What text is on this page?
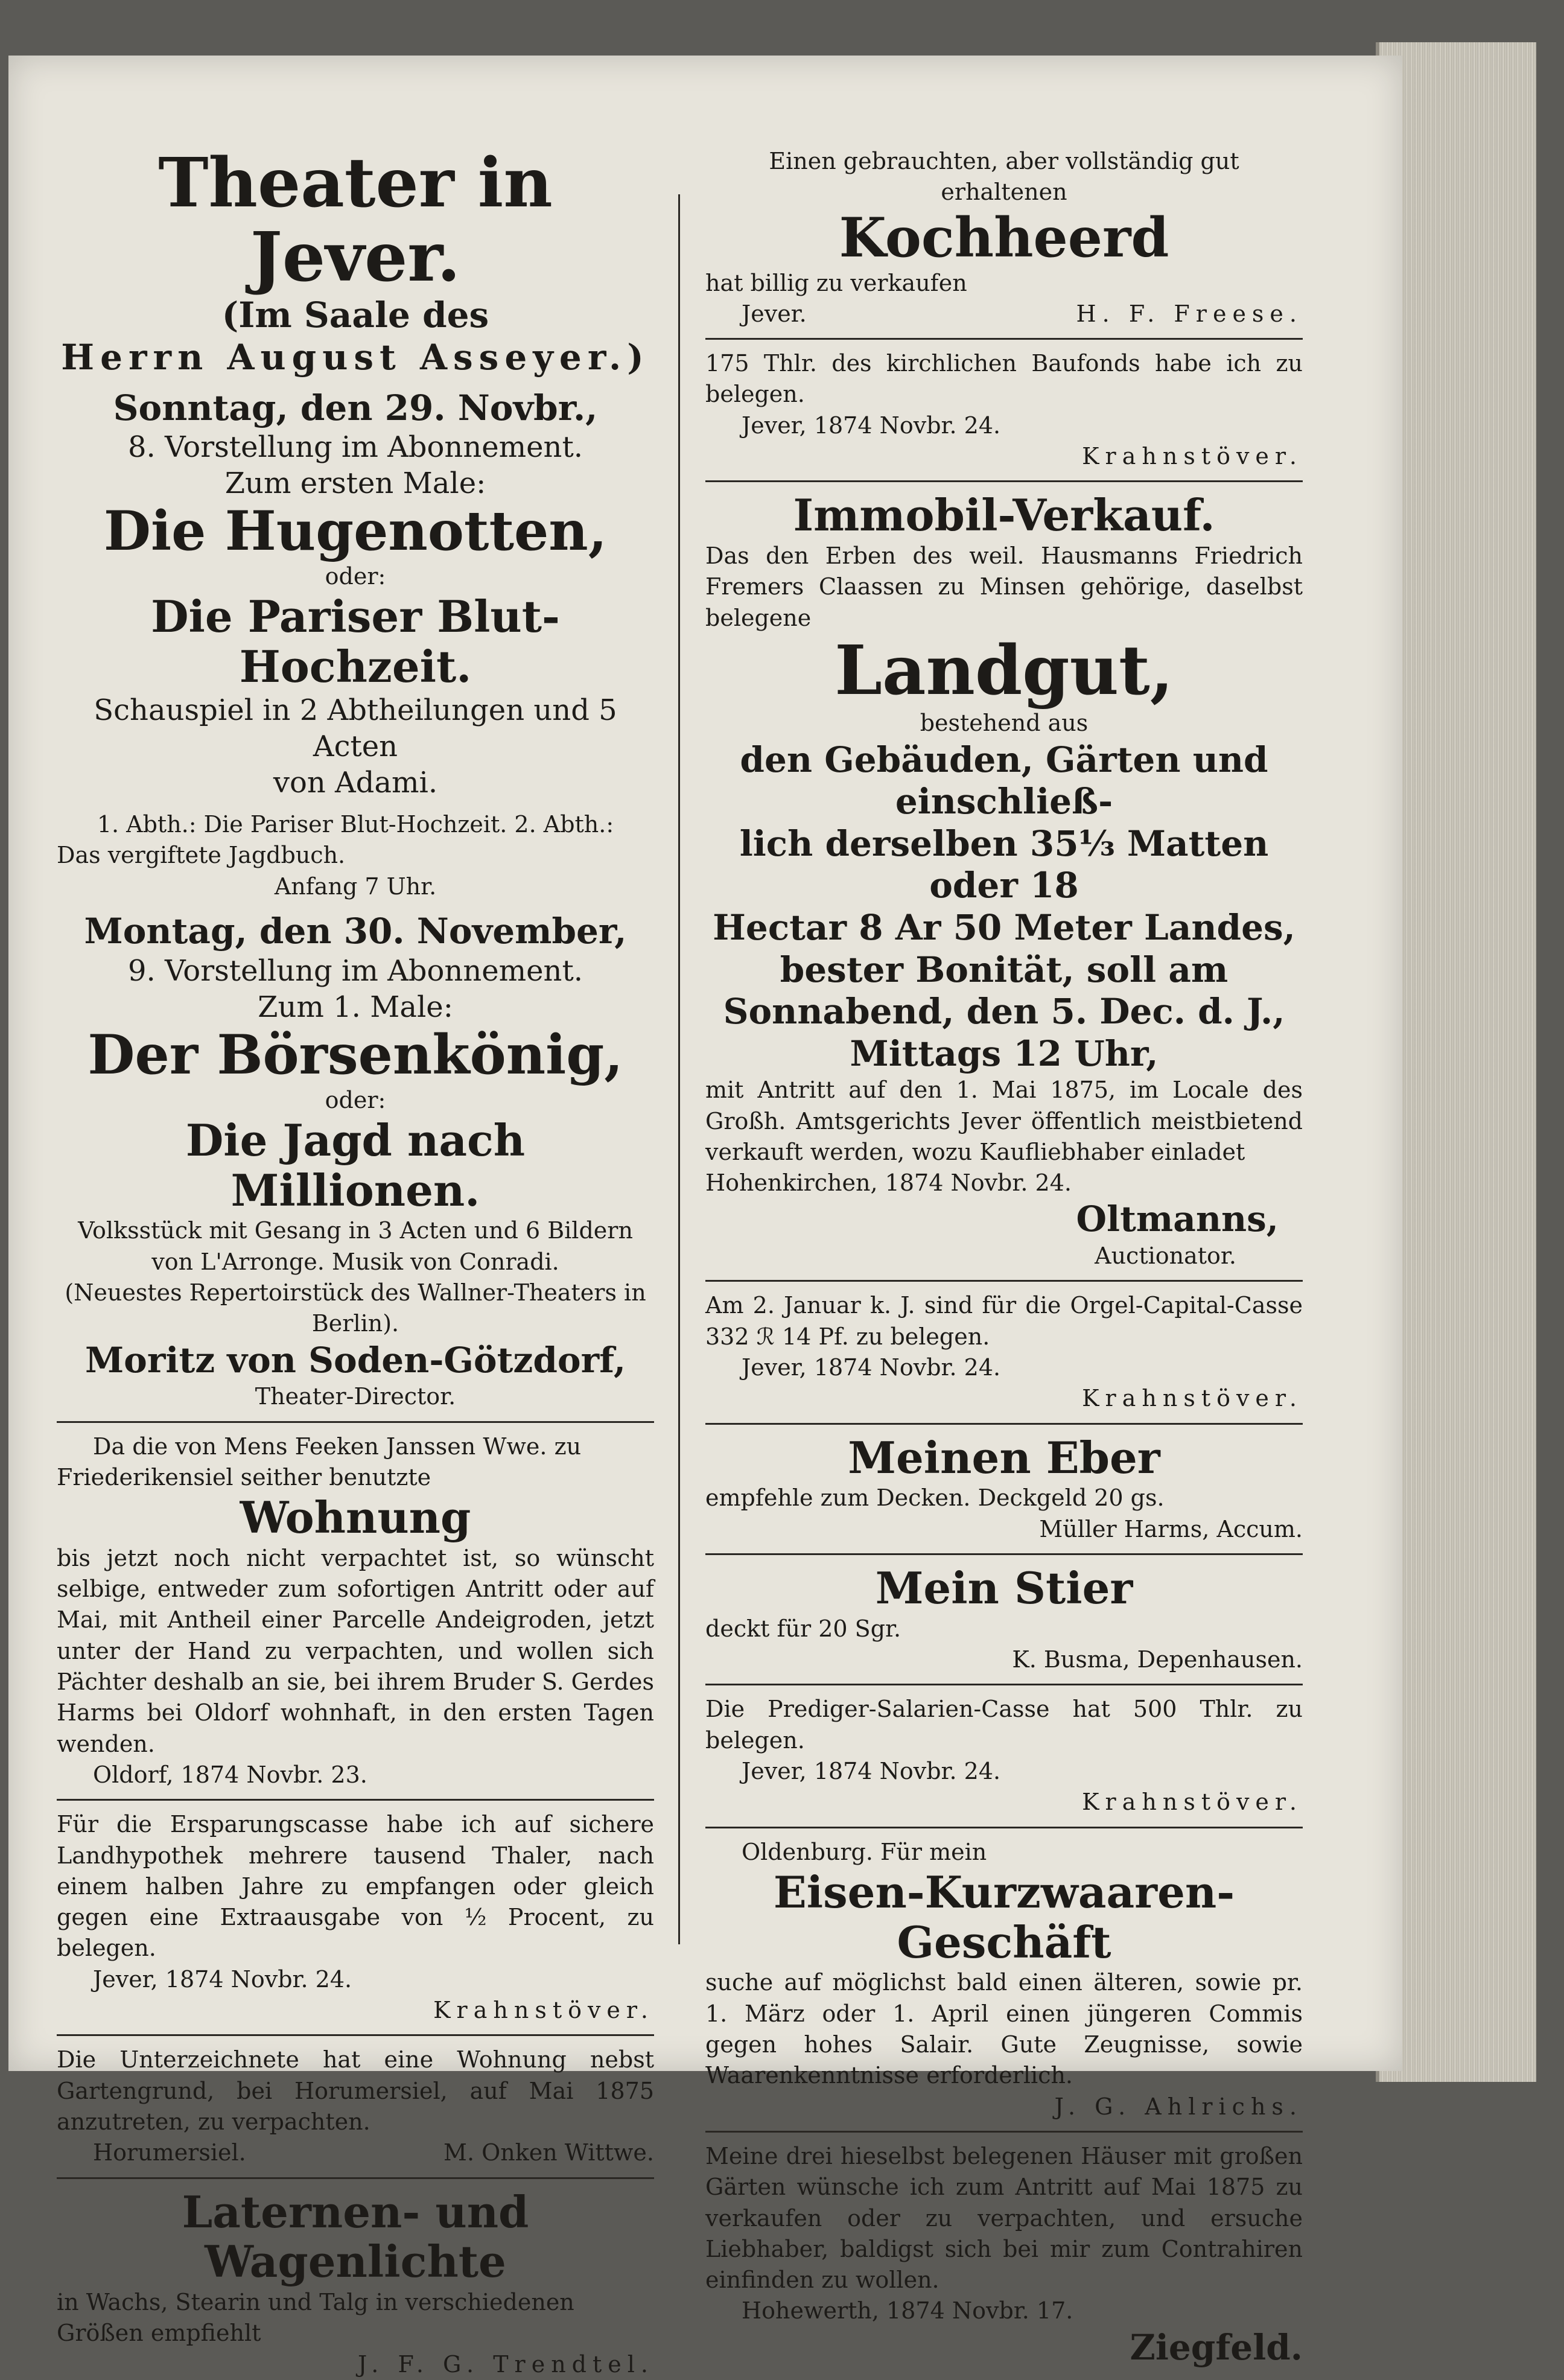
Theater in Jever.

(Im Saale des

Herrn August Asseyer.)

Sonntag, den 29. Novbr.,

8. Vorstellung im Abonnement.

Zum ersten Male:

Die Hugenotten,

oder:

Die Pariser Blut-Hochzeit.

Schauspiel in 2 Abtheilungen und 5 Acten

von Adami.

1. Abth.: Die Pariser Blut-Hochzeit. 2. Abth.:

Das vergiftete Jagdbuch.

Anfang 7 Uhr.

Montag, den 30. November,

9. Vorstellung im Abonnement.

Zum 1. Male:

Der Börsenkönig,

oder:

Die Jagd nach Millionen.

Volksstück mit Gesang in 3 Acten und 6 Bildern

von L'Arronge. Musik von Conradi.

(Neuestes Repertoirstück des Wallner-Theaters in

Berlin).

Moritz von Soden-Götzdorf,

Theater-Director.

Da die von Mens Feeken Janssen Wwe. zu

Friederikensiel seither benutzte

Wohnung

bis jetzt noch nicht verpachtet ist, so wünscht selbige, entweder zum sofortigen Antritt oder auf Mai, mit Antheil einer Parcelle Andeigroden, jetzt unter der Hand zu verpachten, und wollen sich Pächter deshalb an sie, bei ihrem Bruder S. Gerdes Harms bei Oldorf wohnhaft, in den ersten Tagen wenden.

Oldorf, 1874 Novbr. 23.

Für die Ersparungscasse habe ich auf sichere Landhypothek mehrere tausend Thaler, nach einem halben Jahre zu empfangen oder gleich gegen eine Extraausgabe von ½ Procent, zu belegen.

Jever, 1874 Novbr. 24.

Krahnstöver.

Die Unterzeichnete hat eine Wohnung nebst Gartengrund, bei Horumersiel, auf Mai 1875 anzutreten, zu verpachten.

Horumersiel.	M. Onken Wittwe.

Laternen- und Wagenlichte

in Wachs, Stearin und Talg in verschiedenen Größen empfiehlt

J. F. G. Trendtel.

Einen gebrauchten, aber vollständig gut erhaltenen

Kochheerd

hat billig zu verkaufen

Jever.	H. F. Freese.

175 Thlr. des kirchlichen Baufonds habe ich zu belegen.

Jever, 1874 Novbr. 24.

Krahnstöver.

Immobil-Verkauf.

Das den Erben des weil. Hausmanns Friedrich Fremers Claassen zu Minsen gehörige, daselbst belegene

Landgut,

bestehend aus

den Gebäuden, Gärten und einschließ-

lich derselben 35⅓ Matten oder 18

Hectar 8 Ar 50 Meter Landes,

bester Bonität, soll am

Sonnabend, den 5. Dec. d. J.,

Mittags 12 Uhr,

mit Antritt auf den 1. Mai 1875, im Locale des Großh. Amtsgerichts Jever öffentlich meistbietend verkauft werden, wozu Kaufliebhaber einladet

Hohenkirchen, 1874 Novbr. 24.

Oltmanns,

Auctionator.

Am 2. Januar k. J. sind für die Orgel-Capital-Casse 332 ℛ 14 Pf. zu belegen.

Jever, 1874 Novbr. 24.

Krahnstöver.

Meinen Eber

empfehle zum Decken. Deckgeld 20 gs.

Müller Harms, Accum.

Mein Stier

deckt für 20 Sgr.

K. Busma, Depenhausen.

Die Prediger-Salarien-Casse hat 500 Thlr. zu belegen.

Jever, 1874 Novbr. 24.

Krahnstöver.

Oldenburg. Für mein

Eisen-Kurzwaaren-Geschäft

suche auf möglichst bald einen älteren, sowie pr. 1. März oder 1. April einen jüngeren Commis gegen hohes Salair. Gute Zeugnisse, sowie Waarenkenntnisse erforderlich.

J. G. Ahlrichs.

Meine drei hieselbst belegenen Häuser mit großen Gärten wünsche ich zum Antritt auf Mai 1875 zu verkaufen oder zu verpachten, und ersuche Liebhaber, baldigst sich bei mir zum Contrahiren einfinden zu wollen.

Hohewerth, 1874 Novbr. 17.

Ziegfeld.
